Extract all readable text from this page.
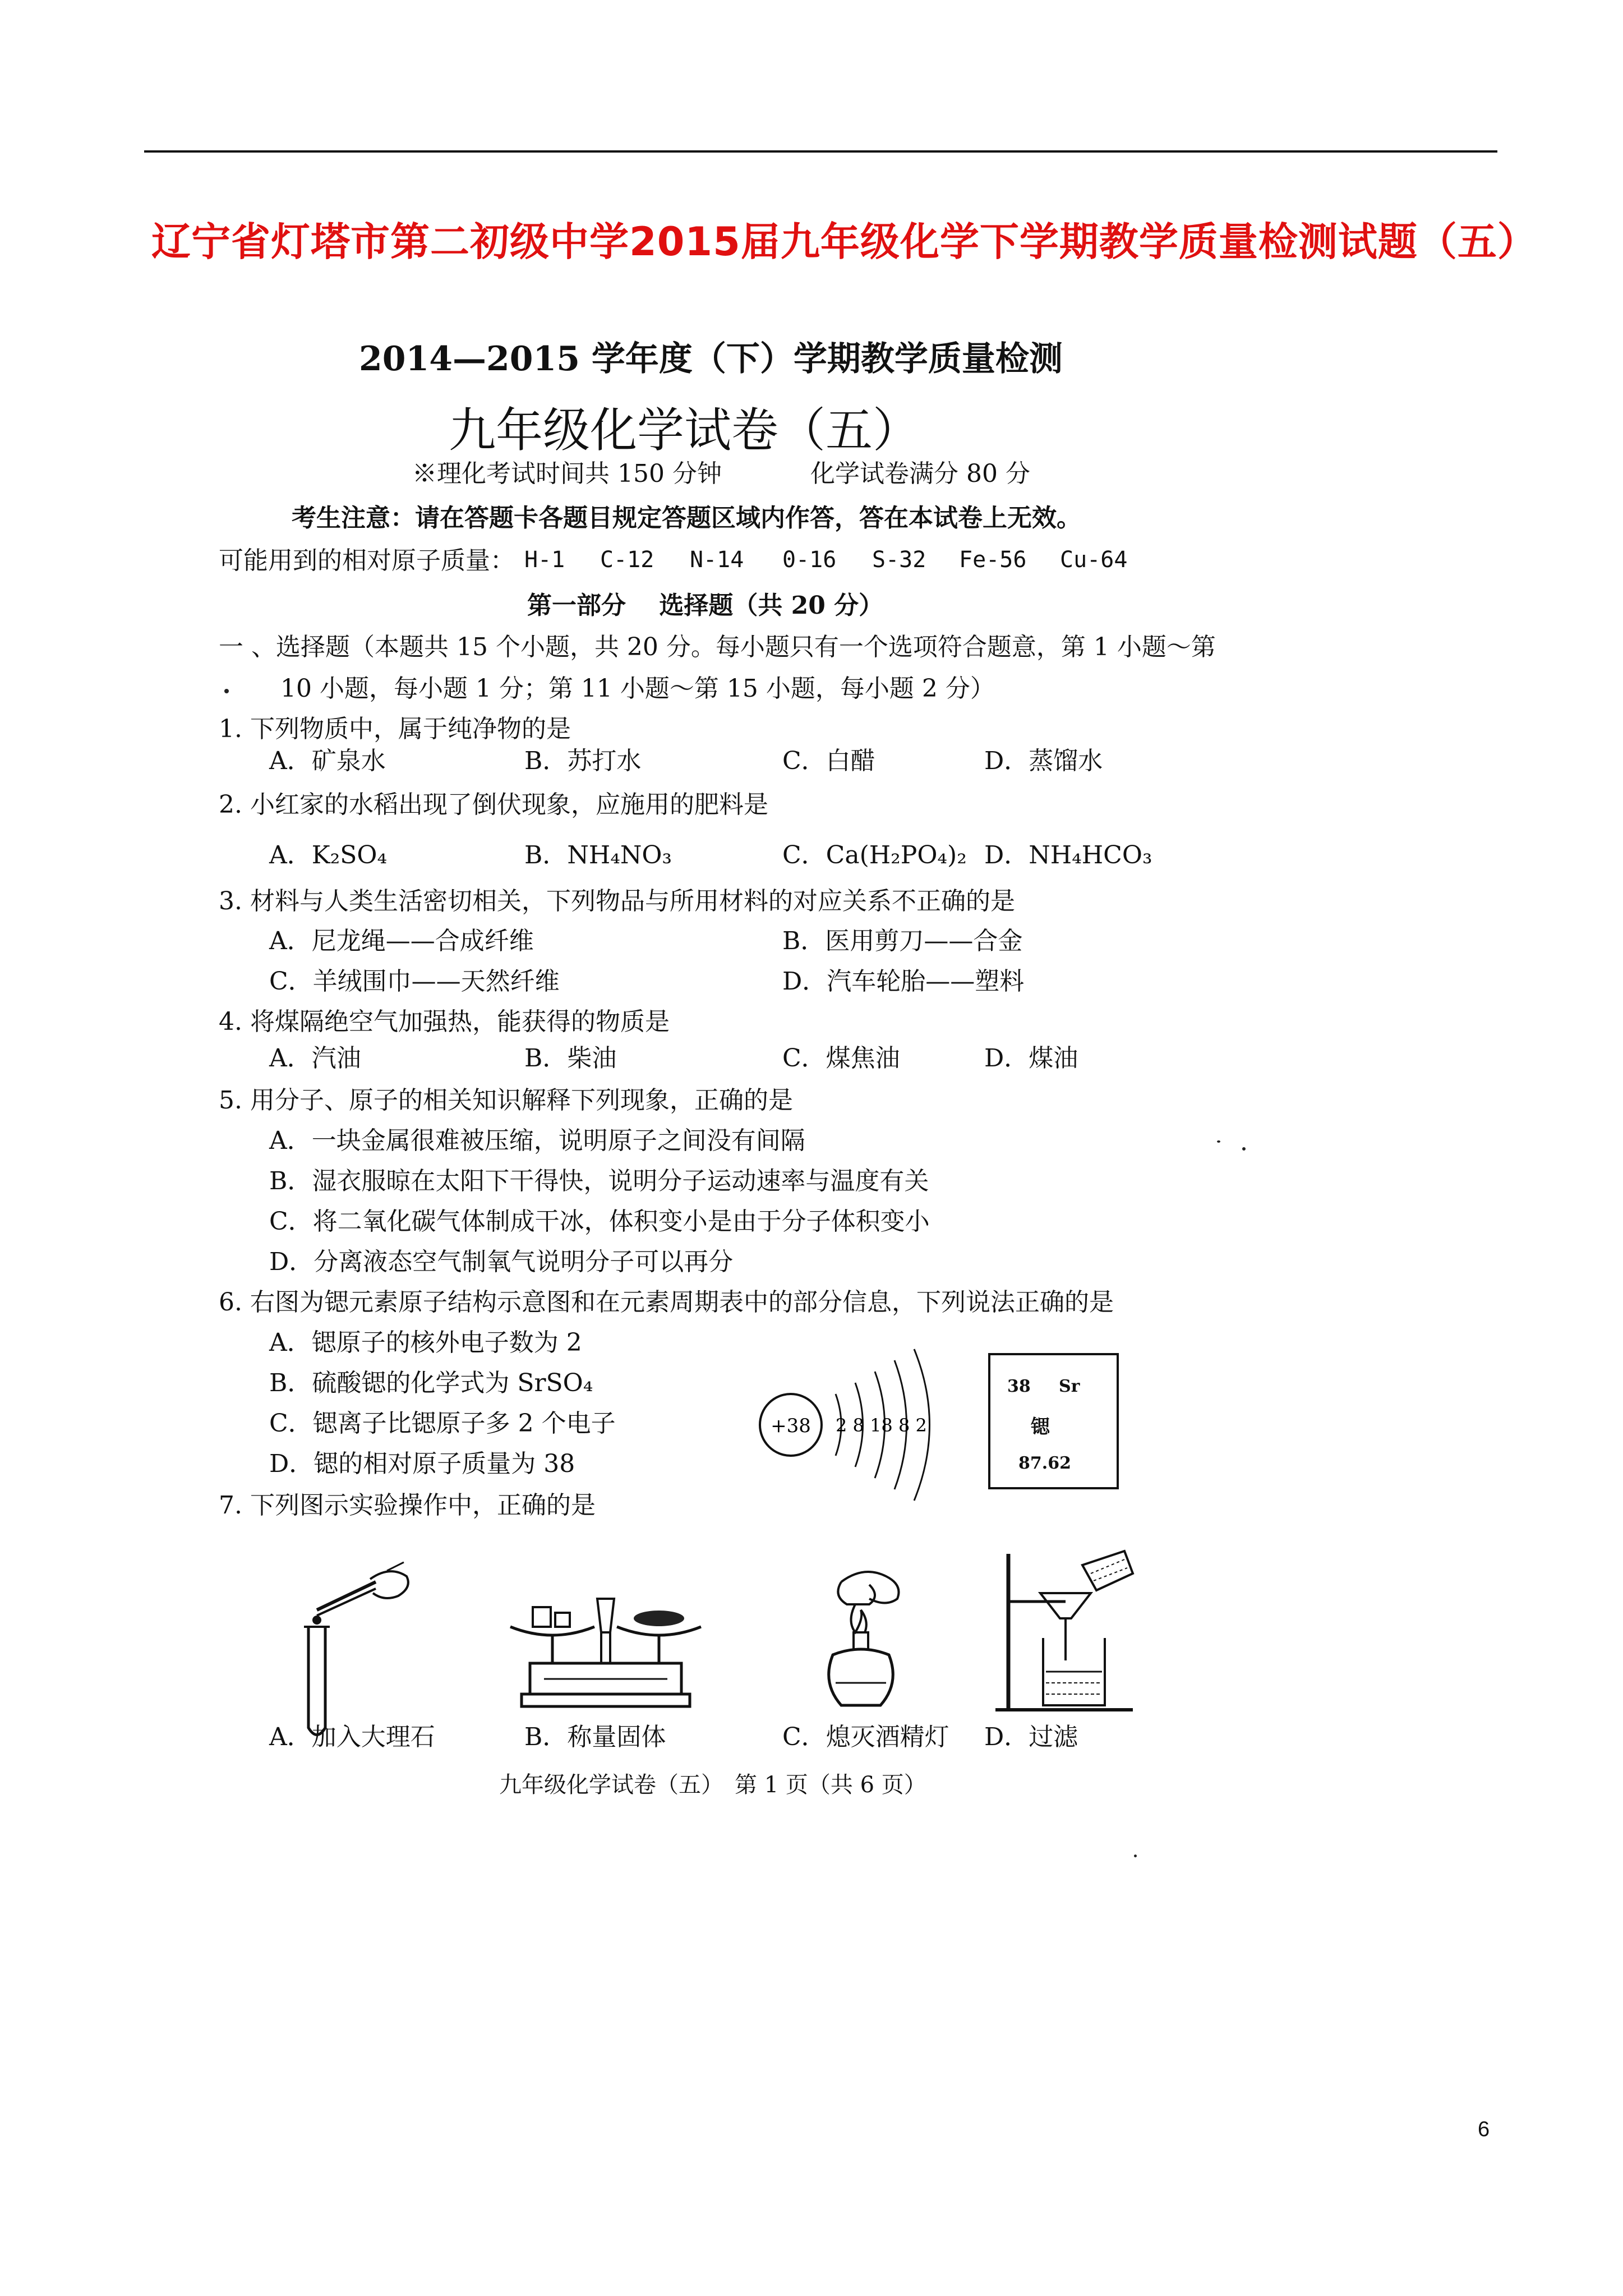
辽宁省灯塔市第二初级中学2015届九年级化学下学期教学质量检测试题（五）
2014—2015 学年度（下）学期教学质量检测
九年级化学试卷（五）
※理化考试时间共 150 分钟	化学试卷满分 80 分
考生注意：请在答题卡各题目规定答题区域内作答，答在本试卷上无效。
可能用到的相对原子质量： H-1 C-12 N-14 0-16 S-32 Fe-56 Cu-64
第一部分　 选择题（共 20 分）
一 、选择题（本题共 15 个小题，共 20 分。每小题只有一个选项符合题意，第 1 小题～第
10 小题，每小题 1 分；第 11 小题～第 15 小题，每小题 2 分）
1. 下列物质中，属于纯净物的是
A．矿泉水	B．苏打水	C．白醋	D．蒸馏水
2. 小红家的水稻出现了倒伏现象，应施用的肥料是
A．K₂SO₄	B．NH₄NO₃	C．Ca(H₂PO₄)₂ D．NH₄HCO₃
3. 材料与人类生活密切相关，下列物品与所用材料的对应关系不正确的是
A．尼龙绳——合成纤维	B．医用剪刀——合金
C．羊绒围巾——天然纤维	D．汽车轮胎——塑料
4. 将煤隔绝空气加强热，能获得的物质是
A．汽油	B．柴油	C．煤焦油	D．煤油
5. 用分子、原子的相关知识解释下列现象，正确的是
A．一块金属很难被压缩，说明原子之间没有间隔
B．湿衣服晾在太阳下干得快，说明分子运动速率与温度有关
C．将二氧化碳气体制成干冰，体积变小是由于分子体积变小
D．分离液态空气制氧气说明分子可以再分
6. 右图为锶元素原子结构示意图和在元素周期表中的部分信息，下列说法正确的是
A．锶原子的核外电子数为 2
B．硫酸锶的化学式为 SrSO₄
C．锶离子比锶原子多 2 个电子
D．锶的相对原子质量为 38
+38 2 8 18 8 2
38 Sr
锶
87.62
7. 下列图示实验操作中，正确的是
A．加入大理石	B．称量固体	C．熄灭酒精灯 D．过滤
九年级化学试卷（五）　第 1 页（共 6 页）
6
